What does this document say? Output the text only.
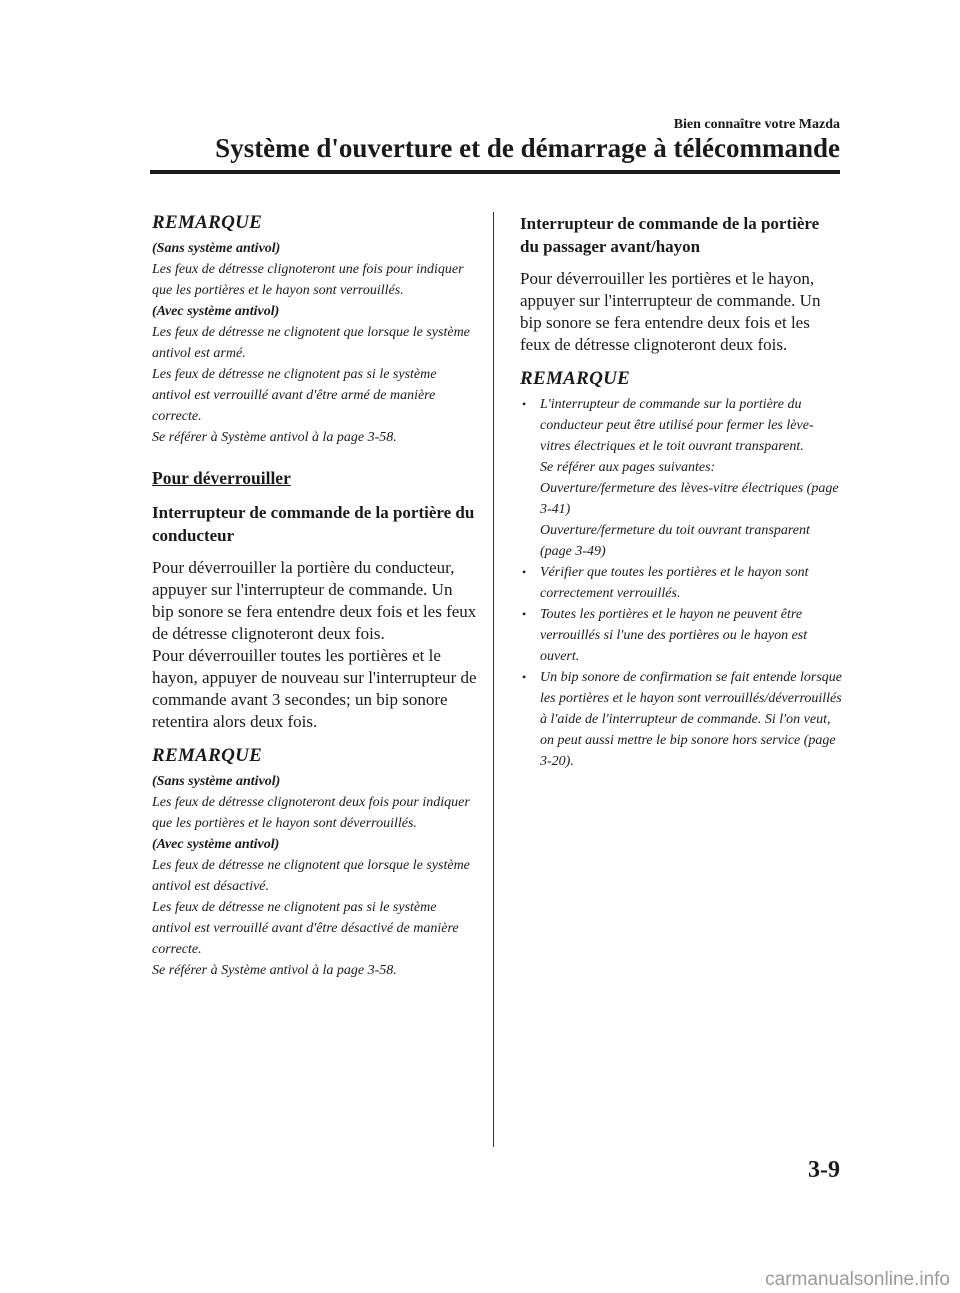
Bien connaître votre Mazda
Système d'ouverture et de démarrage à télécommande
REMARQUE

(Sans système antivol)

Les feux de détresse clignoteront une fois pour indiquer que les portières et le hayon sont verrouillés.

(Avec système antivol)

Les feux de détresse ne clignotent que lorsque le système antivol est armé.

Les feux de détresse ne clignotent pas si le système antivol est verrouillé avant d'être armé de manière correcte.

Se référer à Système antivol à la page 3-58.

Pour déverrouiller
Interrupteur de commande de la portière du conducteur

Pour déverrouiller la portière du conducteur, appuyer sur l'interrupteur de commande. Un bip sonore se fera entendre deux fois et les feux de détresse clignoteront deux fois.

Pour déverrouiller toutes les portières et le hayon, appuyer de nouveau sur l'interrupteur de commande avant 3 secondes; un bip sonore retentira alors deux fois.

REMARQUE

(Sans système antivol)

Les feux de détresse clignoteront deux fois pour indiquer que les portières et le hayon sont déverrouillés.

(Avec système antivol)

Les feux de détresse ne clignotent que lorsque le système antivol est désactivé.

Les feux de détresse ne clignotent pas si le système antivol est verrouillé avant d'être désactivé de manière correcte.

Se référer à Système antivol à la page 3-58.

Interrupteur de commande de la portière du passager avant/hayon

Pour déverrouiller les portières et le hayon, appuyer sur l'interrupteur de commande. Un bip sonore se fera entendre deux fois et les feux de détresse clignoteront deux fois.

REMARQUE
• L'interrupteur de commande sur la portière du conducteur peut être utilisé pour fermer les lève-vitres électriques et le toit ouvrant transparent.
Se référer aux pages suivantes:
Ouverture/fermeture des lèves-vitre électriques (page 3-41)
Ouverture/fermeture du toit ouvrant transparent (page 3-49)
• Vérifier que toutes les portières et le hayon sont correctement verrouillés.
• Toutes les portières et le hayon ne peuvent être verrouillés si l'une des portières ou le hayon est ouvert.
• Un bip sonore de confirmation se fait entende lorsque les portières et le hayon sont verrouillés/déverrouillés à l'aide de l'interrupteur de commande. Si l'on veut, on peut aussi mettre le bip sonore hors service (page 3-20).
3-9
carmanualsonline.info
